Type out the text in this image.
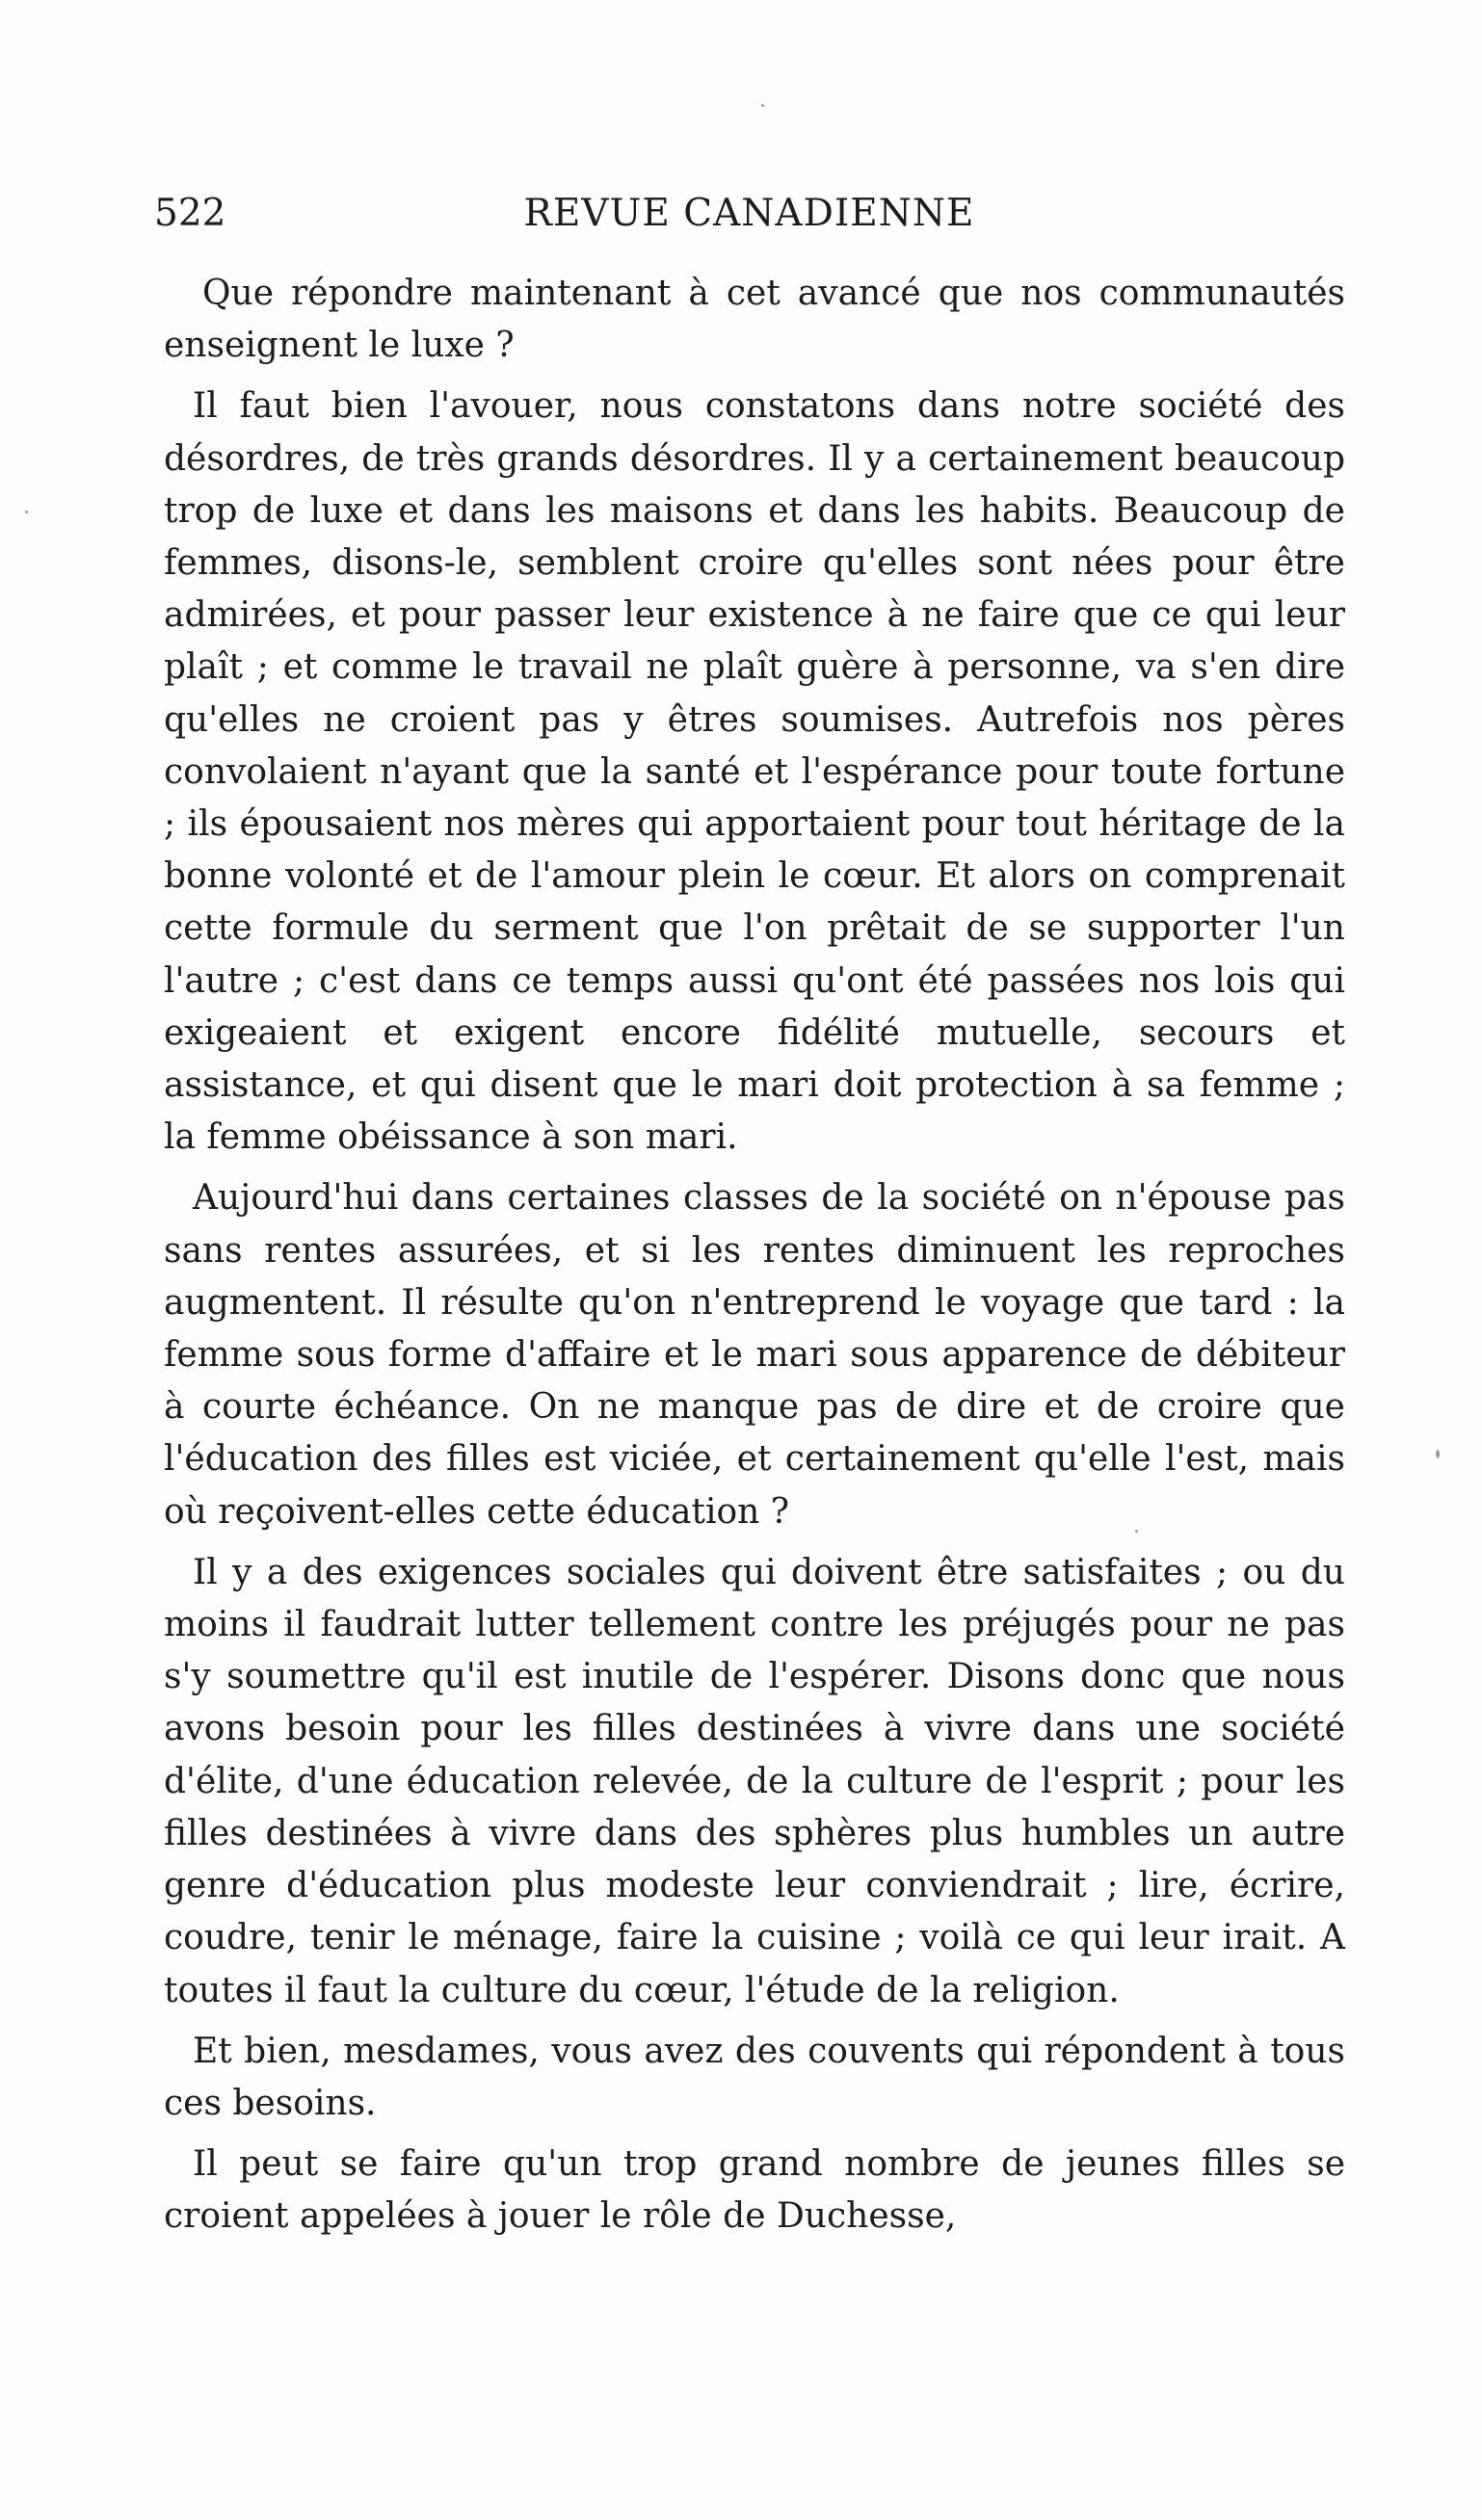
522	REVUE CANADIENNE

Que répondre maintenant à cet avancé que nos communautés enseignent le luxe ?

Il faut bien l'avouer, nous constatons dans notre société des désordres, de très grands désordres. Il y a certainement beaucoup trop de luxe et dans les maisons et dans les habits. Beaucoup de femmes, disons-le, semblent croire qu'elles sont nées pour être admirées, et pour passer leur existence à ne faire que ce qui leur plaît ; et comme le travail ne plaît guère à personne, va s'en dire qu'elles ne croient pas y êtres soumises. Autrefois nos pères convolaient n'ayant que la santé et l'espérance pour toute fortune ; ils épousaient nos mères qui apportaient pour tout héritage de la bonne volonté et de l'amour plein le cœur. Et alors on comprenait cette formule du serment que l'on prêtait de se supporter l'un l'autre ; c'est dans ce temps aussi qu'ont été passées nos lois qui exigeaient et exigent encore fidélité mutuelle, secours et assistance, et qui disent que le mari doit protection à sa femme ; la femme obéissance à son mari.

Aujourd'hui dans certaines classes de la société on n'épouse pas sans rentes assurées, et si les rentes diminuent les reproches augmentent. Il résulte qu'on n'entreprend le voyage que tard : la femme sous forme d'affaire et le mari sous apparence de débiteur à courte échéance. On ne manque pas de dire et de croire que l'éducation des filles est viciée, et certainement qu'elle l'est, mais où reçoivent-elles cette éducation ?

Il y a des exigences sociales qui doivent être satisfaites ; ou du moins il faudrait lutter tellement contre les préjugés pour ne pas s'y soumettre qu'il est inutile de l'espérer. Disons donc que nous avons besoin pour les filles destinées à vivre dans une société d'élite, d'une éducation relevée, de la culture de l'esprit ; pour les filles destinées à vivre dans des sphères plus humbles un autre genre d'éducation plus modeste leur conviendrait ; lire, écrire, coudre, tenir le ménage, faire la cuisine ; voilà ce qui leur irait. A toutes il faut la culture du cœur, l'étude de la religion.

Et bien, mesdames, vous avez des couvents qui répondent à tous ces besoins.

Il peut se faire qu'un trop grand nombre de jeunes filles se croient appelées à jouer le rôle de Duchesse,
